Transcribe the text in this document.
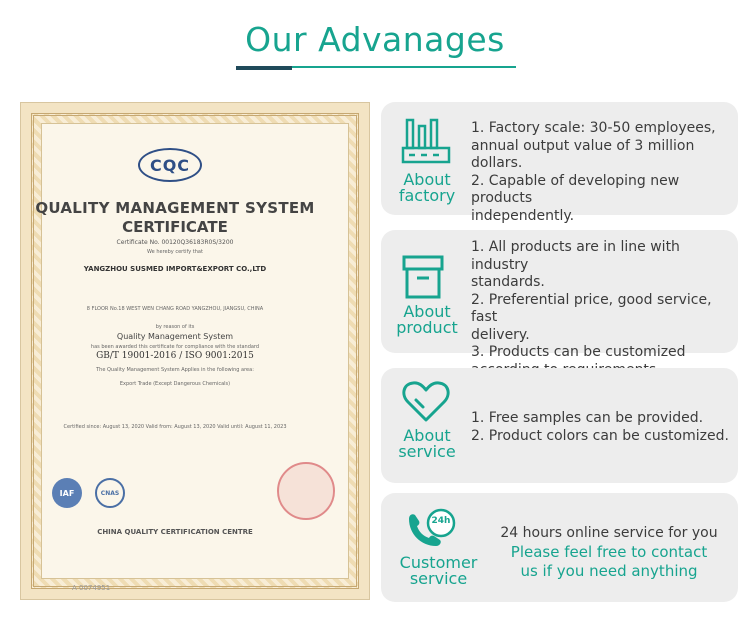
Our Advanages
CQC
QUALITY MANAGEMENT SYSTEM
CERTIFICATE
Certificate No. 00120Q36183R0S/3200
We hereby certify that
YANGZHOU SUSMED IMPORT&EXPORT CO.,LTD
8 FLOOR No.18 WEST WEN CHANG ROAD YANGZHOU, JIANGSU, CHINA
by reason of its
Quality Management System
has been awarded this certificate for compliance with the standard
GB/T 19001-2016 / ISO 9001:2015
The Quality Management System Applies in the following area:
Export Trade (Except Dangerous Chemicals)
Certified since: August 13, 2020 Valid from: August 13, 2020 Valid until: August 11, 2023
IAF	CNAS
CHINA QUALITY CERTIFICATION CENTRE
A 0074951
About
factory

1. Factory scale: 30-50 employees,

annual output value of 3 million

dollars.

2. Capable of developing new products

independently.

About
product

1. All products are in line with industry

standards.

2. Preferential price, good service, fast

delivery.

3. Products can be customized

About
service

1. Free samples can be provided.

2. Product colors can be customized.

24h
Customer
service

24 hours online service for you

Please feel free to contact

us if you need anything
